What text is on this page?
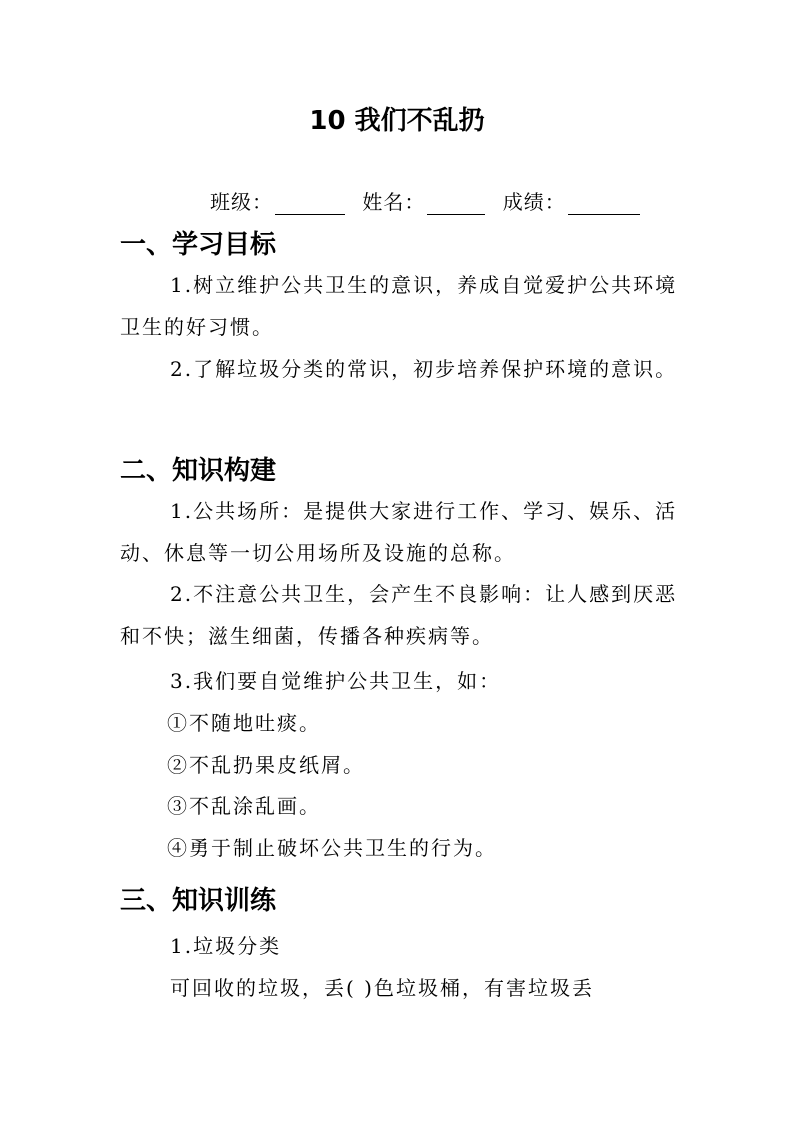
10 我们不乱扔
班级：	姓名：	成绩：
一、学习目标
1.树立维护公共卫生的意识，养成自觉爱护公共环境卫生的好习惯。
2.了解垃圾分类的常识，初步培养保护环境的意识。
二、知识构建
1.公共场所：是提供大家进行工作、学习、娱乐、活动、休息等一切公用场所及设施的总称。
2.不注意公共卫生，会产生不良影响：让人感到厌恶和不快；滋生细菌，传播各种疾病等。
3.我们要自觉维护公共卫生，如：
①不随地吐痰。
②不乱扔果皮纸屑。
③不乱涂乱画。
④勇于制止破坏公共卫生的行为。
三、知识训练
1.垃圾分类
可回收的垃圾，丢( )色垃圾桶，有害垃圾丢
